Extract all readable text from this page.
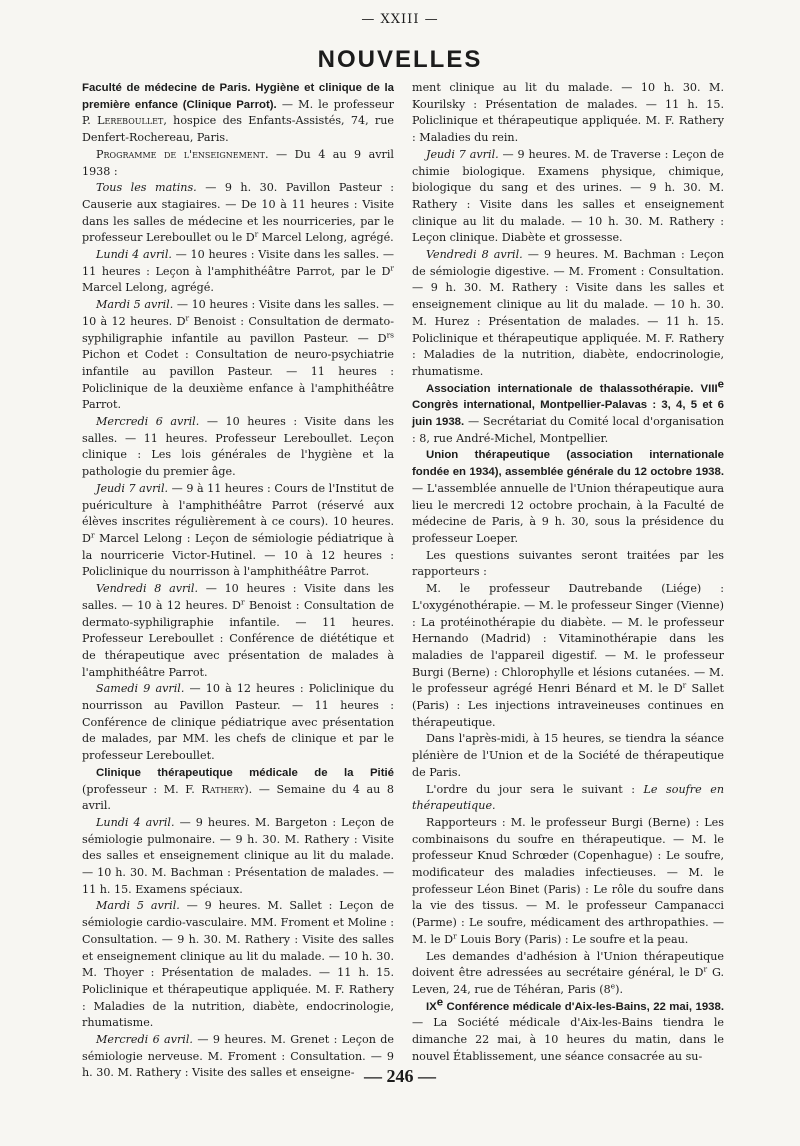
— XXIII —
NOUVELLES

Faculté de médecine de Paris. Hygiène et clinique de la première enfance (Clinique Parrot). — M. le professeur P. Lereboullet, hospice des Enfants-Assistés, 74, rue Denfert-Rochereau, Paris.

Programme de l'enseignement. — Du 4 au 9 avril 1938 :

Tous les matins. — 9 h. 30. Pavillon Pasteur : Causerie aux stagiaires. — De 10 à 11 heures : Visite dans les salles de médecine et les nourriceries, par le professeur Lereboullet ou le $D^r$ Marcel Lelong, agrégé.

Lundi 4 avril. — 10 heures : Visite dans les salles. — 11 heures : Leçon à l'amphithéâtre Parrot, par le $D^r$ Marcel Lelong, agrégé.

Mardi 5 avril. — 10 heures : Visite dans les salles. — 10 à 12 heures. $D^r$ Benoist : Consultation de dermato-syphiligraphie infantile au pavillon Pasteur. — $D^{rs}$ Pichon et Codet : Consultation de neuro-psychiatrie infantile au pavillon Pasteur. — 11 heures : Policlinique de la deuxième enfance à l'amphithéâtre Parrot.

Mercredi 6 avril. — 10 heures : Visite dans les salles. — 11 heures. Professeur Lereboullet. Leçon clinique : Les lois générales de l'hygiène et la pathologie du premier âge.

Jeudi 7 avril. — 9 à 11 heures : Cours de l'Institut de puériculture à l'amphithéâtre Parrot (réservé aux élèves inscrites régulièrement à ce cours). 10 heures. $D^r$ Marcel Lelong : Leçon de sémiologie pédiatrique à la nourricerie Victor-Hutinel. — 10 à 12 heures : Policlinique du nourrisson à l'amphithéâtre Parrot.

Vendredi 8 avril. — 10 heures : Visite dans les salles. — 10 à 12 heures. $D^r$ Benoist : Consultation de dermato-syphiligraphie infantile. — 11 heures. Professeur Lereboullet : Conférence de diététique et de thérapeutique avec présentation de malades à l'amphithéâtre Parrot.

Samedi 9 avril. — 10 à 12 heures : Policlinique du nourrisson au Pavillon Pasteur. — 11 heures : Conférence de clinique pédiatrique avec présentation de malades, par MM. les chefs de clinique et par le professeur Lereboullet.

Clinique thérapeutique médicale de la Pitié (professeur : M. F. Rathery). — Semaine du 4 au 8 avril.

Lundi 4 avril. — 9 heures. M. Bargeton : Leçon de sémiologie pulmonaire. — 9 h. 30. M. Rathery : Visite des salles et enseignement clinique au lit du malade. — 10 h. 30. M. Bachman : Présentation de malades. — 11 h. 15. Examens spéciaux.

Mardi 5 avril. — 9 heures. M. Sallet : Leçon de sémiologie cardio-vasculaire. MM. Froment et Moline : Consultation. — 9 h. 30. M. Rathery : Visite des salles et enseignement clinique au lit du malade. — 10 h. 30. M. Thoyer : Présentation de malades. — 11 h. 15. Policlinique et thérapeutique appliquée. M. F. Rathery : Maladies de la nutrition, diabète, endocrinologie, rhumatisme.

Mercredi 6 avril. — 9 heures. M. Grenet : Leçon de sémiologie nerveuse. M. Froment : Consultation. — 9 h. 30. M. Rathery : Visite des salles et enseigne-

ment clinique au lit du malade. — 10 h. 30. M. Kourilsky : Présentation de malades. — 11 h. 15. Policlinique et thérapeutique appliquée. M. F. Rathery : Maladies du rein.

Jeudi 7 avril. — 9 heures. M. de Traverse : Leçon de chimie biologique. Examens physique, chimique, biologique du sang et des urines. — 9 h. 30. M. Rathery : Visite dans les salles et enseignement clinique au lit du malade. — 10 h. 30. M. Rathery : Leçon clinique. Diabète et grossesse.

Vendredi 8 avril. — 9 heures. M. Bachman : Leçon de sémiologie digestive. — M. Froment : Consultation. — 9 h. 30. M. Rathery : Visite dans les salles et enseignement clinique au lit du malade. — 10 h. 30. M. Hurez : Présentation de malades. — 11 h. 15. Policlinique et thérapeutique appliquée. M. F. Rathery : Maladies de la nutrition, diabète, endocrinologie, rhumatisme.

Association internationale de thalassothérapie. VIIIe Congrès international, Montpellier-Palavas : 3, 4, 5 et 6 juin 1938. — Secrétariat du Comité local d'organisation : 8, rue André-Michel, Montpellier.

Union thérapeutique (association internationale fondée en 1934), assemblée générale du 12 octobre 1938. — L'assemblée annuelle de l'Union thérapeutique aura lieu le mercredi 12 octobre prochain, à la Faculté de médecine de Paris, à 9 h. 30, sous la présidence du professeur Loeper.

Les questions suivantes seront traitées par les rapporteurs :

M. le professeur Dautrebande (Liége) : L'oxygénothérapie. — M. le professeur Singer (Vienne) : La protéinothérapie du diabète. — M. le professeur Hernando (Madrid) : Vitaminothérapie dans les maladies de l'appareil digestif. — M. le professeur Burgi (Berne) : Chlorophylle et lésions cutanées. — M. le professeur agrégé Henri Bénard et M. le $D^r$ Sallet (Paris) : Les injections intraveineuses continues en thérapeutique.

Dans l'après-midi, à 15 heures, se tiendra la séance plénière de l'Union et de la Société de thérapeutique de Paris.

L'ordre du jour sera le suivant : Le soufre en thérapeutique.

Rapporteurs : M. le professeur Burgi (Berne) : Les combinaisons du soufre en thérapeutique. — M. le professeur Knud Schrœder (Copenhague) : Le soufre, modificateur des maladies infectieuses. — M. le professeur Léon Binet (Paris) : Le rôle du soufre dans la vie des tissus. — M. le professeur Campanacci (Parme) : Le soufre, médicament des arthropathies. — M. le $D^r$ Louis Bory (Paris) : Le soufre et la peau.

Les demandes d'adhésion à l'Union thérapeutique doivent être adressées au secrétaire général, le $D^r$ G. Leven, 24, rue de Téhéran, Paris (8e).

IXe Conférence médicale d'Aix-les-Bains, 22 mai, 1938. — La Société médicale d'Aix-les-Bains tiendra le dimanche 22 mai, à 10 heures du matin, dans le nouvel Établissement, une séance consacrée au su-

— 246 —
